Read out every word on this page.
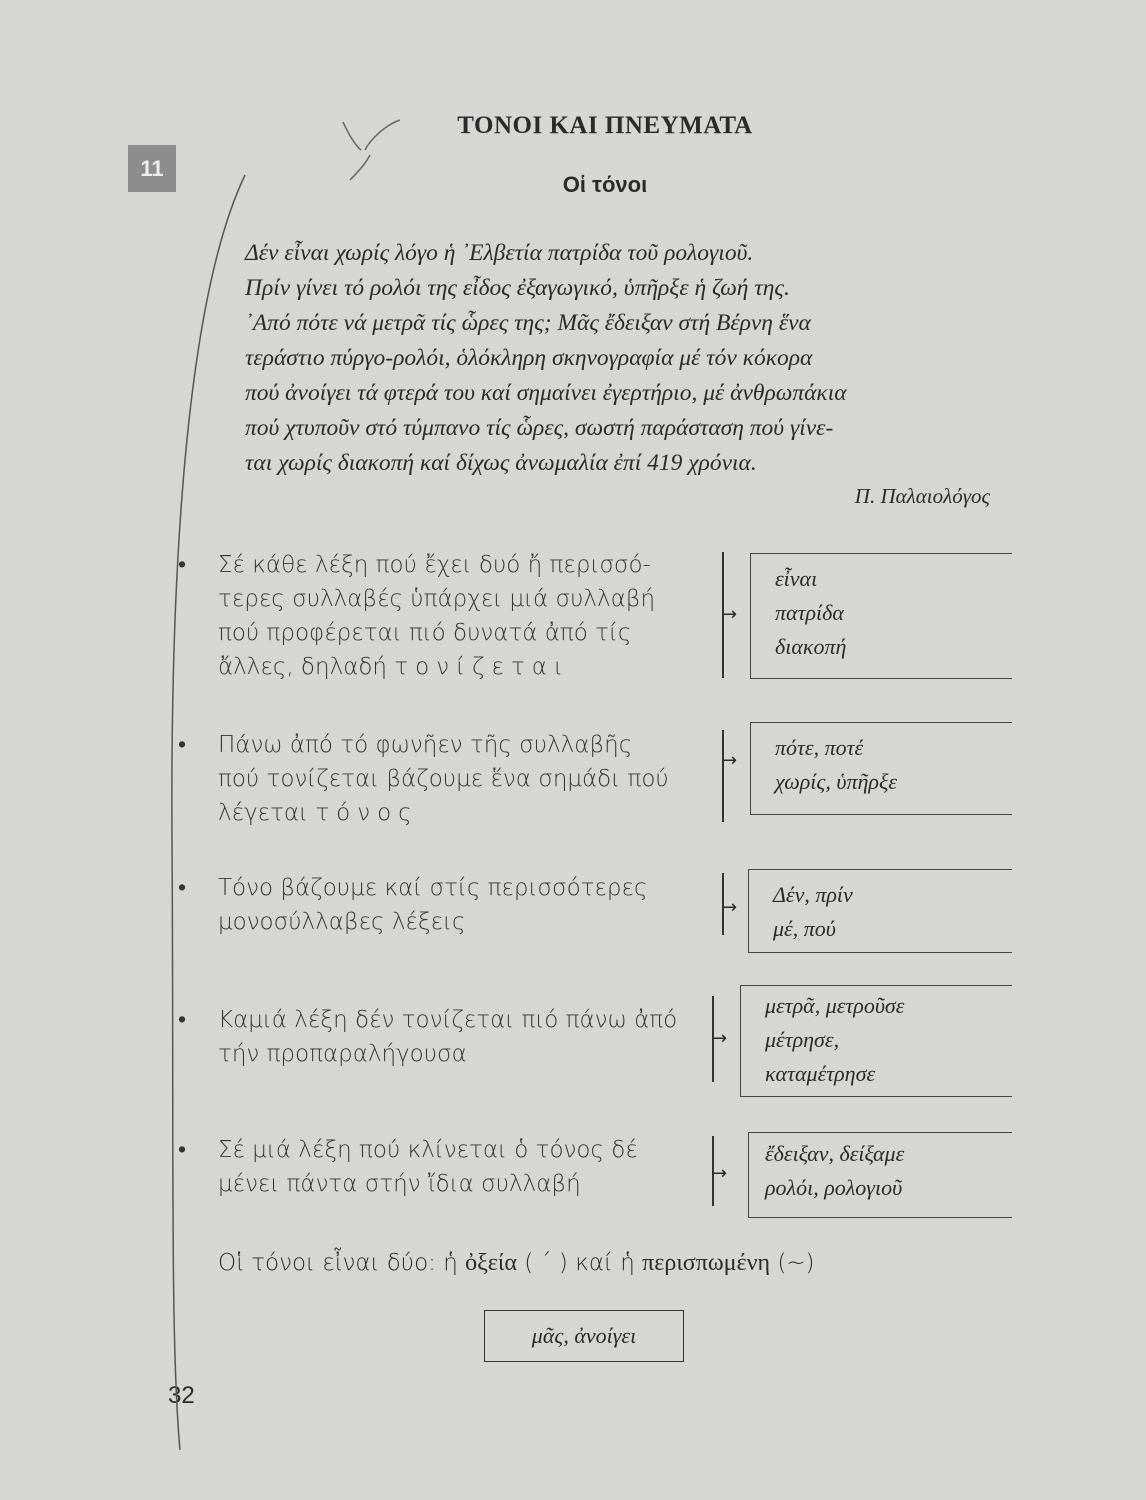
11
ΤΟΝΟΙ ΚΑΙ ΠΝΕΥΜΑΤΑ
Οἱ τόνοι
Δέν εἶναι χωρίς λόγο ἡ ᾿Ελβετία πατρίδα τοῦ ρολογιοῦ.
Πρίν γίνει τό ρολόι της εἶδος ἐξαγωγικό, ὑπῆρξε ἡ ζωή της.
᾿Από πότε νά μετρᾶ τίς ὧρες της; Μᾶς ἔδειξαν στή Βέρνη ἕνα
τεράστιο πύργο-ρολόι, ὁλόκληρη σκηνογραφία μέ τόν κόκορα
πού ἀνοίγει τά φτερά του καί σημαίνει ἐγερτήριο, μέ ἀνθρωπάκια
πού χτυποῦν στό τύμπανο τίς ὧρες, σωστή παράσταση πού γίνε-
ται χωρίς διακοπή καί δίχως ἀνωμαλία ἐπί 419 χρόνια.
Π. Παλαιολόγος
• Σέ κάθε λέξη πού ἔχει δυό ἤ περισσό-
τερες συλλαβές ὑπάρχει μιά συλλαβή
πού προφέρεται πιό δυνατά ἀπό τίς
ἄλλες, δηλαδή τονίζεται
→
εἶναι
πατρίδα
διακοπή
• Πάνω ἀπό τό φωνῆεν τῆς συλλαβῆς
πού τονίζεται βάζουμε ἕνα σημάδι πού
λέγεται τόνος
→
πότε, ποτέ
χωρίς, ὑπῆρξε
• Τόνο βάζουμε καί στίς περισσότερες
μονοσύλλαβες λέξεις
→
Δέν, πρίν
μέ, πού
• Καμιά λέξη δέν τονίζεται πιό πάνω ἀπό
τήν προπαραλήγουσα
→
μετρᾶ, μετροῦσε
μέτρησε,
καταμέτρησε
• Σέ μιά λέξη πού κλίνεται ὁ τόνος δέ
μένει πάντα στήν ἴδια συλλαβή	→
ἔδειξαν, δείξαμε
ρολόι, ρολογιοῦ
Οἱ τόνοι εἶναι δύο: ἡ ὀξεία ( ΄ ) καί ἡ περισπωμένη (~)
μᾶς, ἀνοίγει
32
